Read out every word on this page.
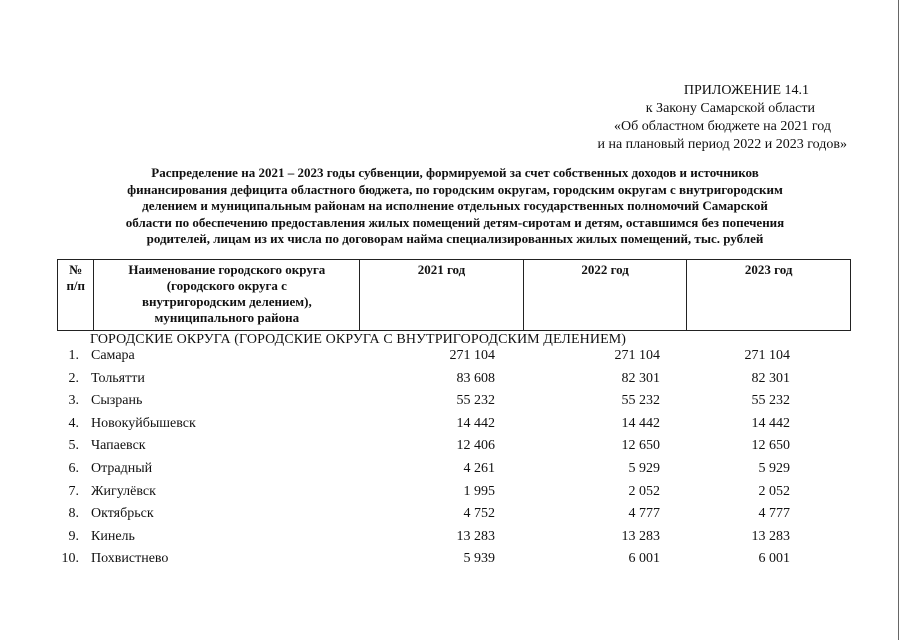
ПРИЛОЖЕНИЕ 14.1
к Закону Самарской области
«Об областном бюджете на 2021 год
и на плановый период 2022 и 2023 годов»
Распределение на 2021 – 2023 годы субвенции, формируемой за счет собственных доходов и источников
финансирования дефицита областного бюджета, по городским округам, городским округам с внутригородским
делением и муниципальным районам на исполнение отдельных государственных полномочий Самарской
области по обеспечению предоставления жилых помещений детям-сиротам и детям, оставшимся без попечения
родителей, лицам из их числа по договорам найма специализированных жилых помещений, тыс. рублей
№
п/п

Наименование городского округа
(городского округа с
внутригородским делением),
муниципального района
	2021 год	2022 год	2023 год
ГОРОДСКИЕ ОКРУГА (ГОРОДСКИЕ ОКРУГА С ВНУТРИГОРОДСКИМ ДЕЛЕНИЕМ)
1. Самара	271 104	271 104	271 104
2. Тольятти	83 608	82 301	82 301
3. Сызрань	55 232	55 232	55 232
4. Новокуйбышевск	14 442	14 442	14 442
5. Чапаевск	12 406	12 650	12 650
6. Отрадный	4 261	5 929	5 929
7. Жигулёвск	1 995	2 052	2 052
8. Октябрьск	4 752	4 777	4 777
9. Кинель	13 283	13 283	13 283
10. Похвистнево	5 939	6 001	6 001
